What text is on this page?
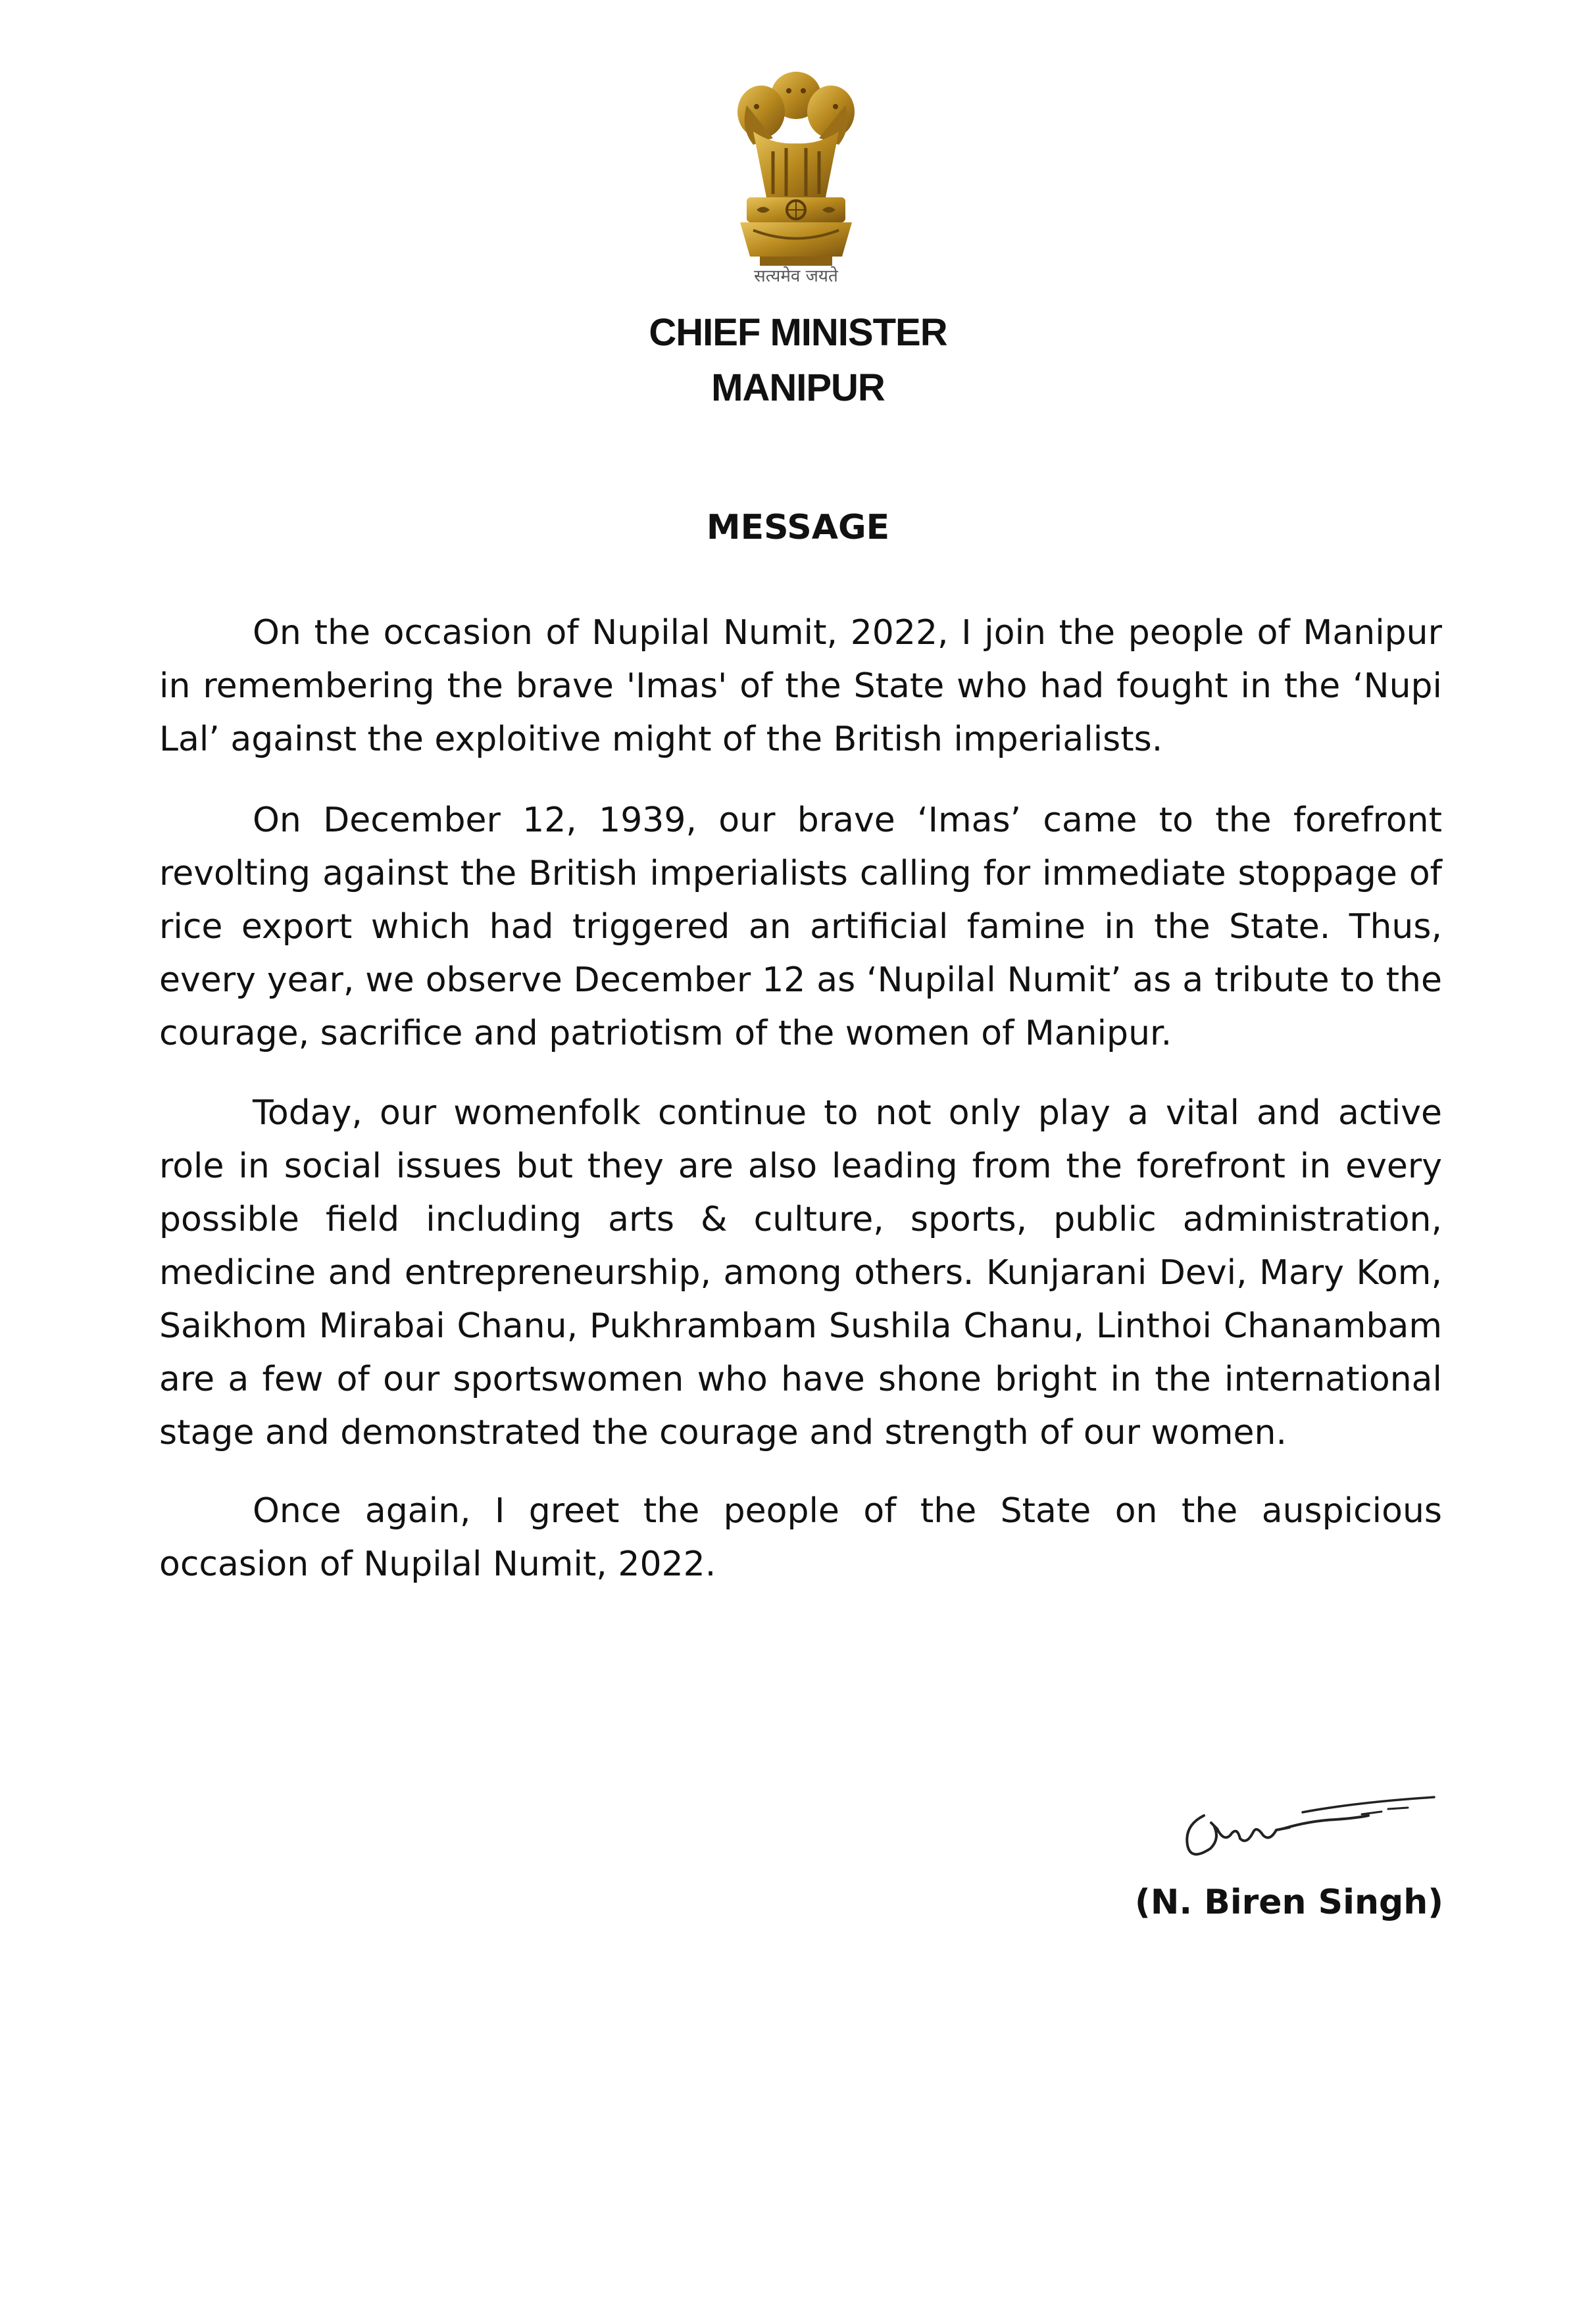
सत्यमेव जयते
CHIEF MINISTER
MANIPUR
MESSAGE

On the occasion of Nupilal Numit, 2022, I join the people of Manipur in remembering the brave 'Imas' of the State who had fought in the ‘Nupi Lal’ against the exploitive might of the British imperialists.

On December 12, 1939, our brave ‘Imas’ came to the forefront revolting against the British imperialists calling for immediate stoppage of rice export which had triggered an artificial famine in the State. Thus, every year, we observe December 12 as ‘Nupilal Numit’ as a tribute to the courage, sacrifice and patriotism of the women of Manipur.

Today, our womenfolk continue to not only play a vital and active role in social issues but they are also leading from the forefront in every possible field including arts & culture, sports, public administration, medicine and entrepreneurship, among others. Kunjarani Devi, Mary Kom, Saikhom Mirabai Chanu, Pukhrambam Sushila Chanu, Linthoi Chanambam are a few of our sportswomen who have shone bright in the international stage and demonstrated the courage and strength of our women.

Once again, I greet the people of the State on the auspicious occasion of Nupilal Numit, 2022.

(N. Biren Singh)
